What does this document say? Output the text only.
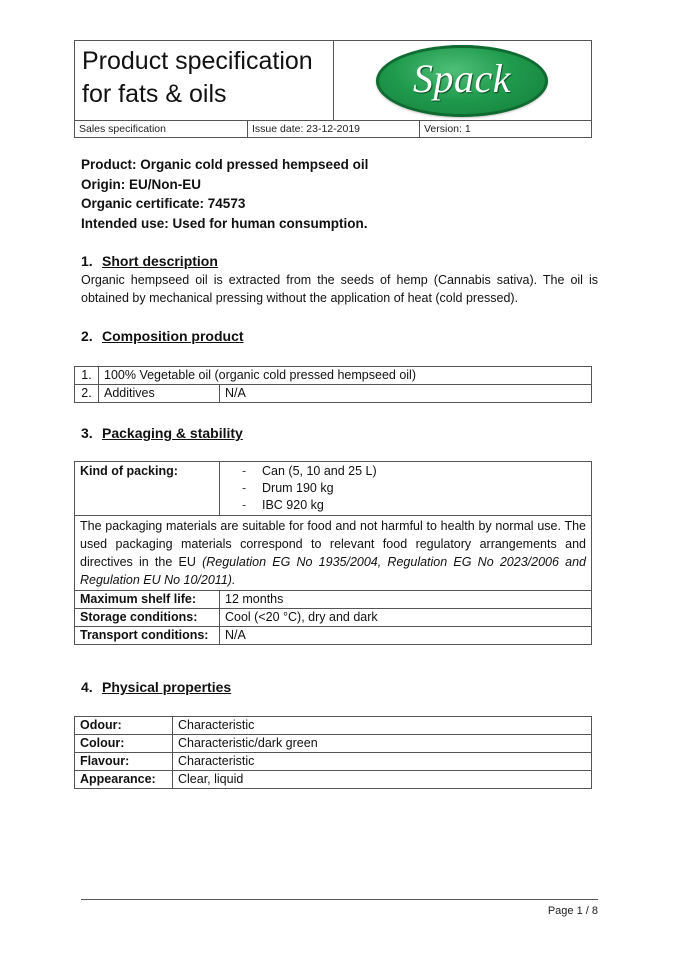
Product specification
for fats & oils	Spack
Sales specification	Issue date: 23-12-2019	Version: 1
Product: Organic cold pressed hempseed oil
Origin: EU/Non-EU
Organic certificate: 74573
Intended use: Used for human consumption.
1. Short description
Organic hempseed oil is extracted from the seeds of hemp (Cannabis sativa). The oil is obtained by mechanical pressing without the application of heat (cold pressed).
2. Composition product
1.	100% Vegetable oil (organic cold pressed hempseed oil)	
2.	Additives	N/A
3. Packaging & stability
Kind of packing:	
-Can (5, 10 and 25 L)
- Drum 190 kg
- IBC 920 kg

The packaging materials are suitable for food and not harmful to health by normal use. The used packaging materials correspond to relevant food regulatory arrangements and directives in the EU (Regulation EG No 1935/2004, Regulation EG No 2023/2006 and Regulation EU No 10/2011).	
Maximum shelf life:	12 months
Storage conditions:	Cool (<20 °C), dry and dark
Transport conditions:	N/A
4. Physical properties
Odour:	Characteristic
Colour:	Characteristic/dark green
Flavour:	Characteristic
Appearance:	Clear, liquid
Page 1 / 8
